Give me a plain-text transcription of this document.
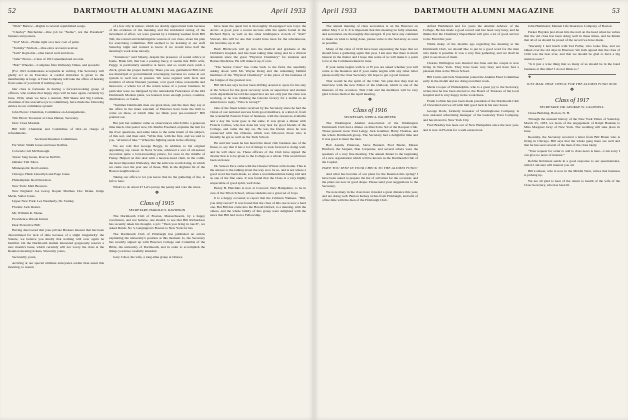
52	DARTMOUTH ALUMNI MAGAZINE	April 1933

“Dick” Barlow—Rights to several republished songs.

“Charley” Batchelder—One job lot “Nemo”, not the President” banners and posters.

“Ted” Moir—Flame right on a new coat of paint.

“Tommy” Nichols—One extra account receiver.

“Sam” Reynolds—One barrel well and more.

“John” Pierce—Class of 1915 unauthorized records.

“Bob” Wheeler—Complete files Wellesley Times, and sporadic.

(For 1915 nominations acceptable in writing. The Secretary will gladly act as an Executor. A cordial invitation is given to the membership at large. A Trust Company will take the office of hearing from some of you birds if nothing else.)

Our class is fortunate in having a forward-looking group of officers, who realize that happy days will be here again, certainly by June, 1934, when we have a reunion. Bill Skene and Sig Larmon, chairman of the executive (or is committee), have made the following entries in our committee system:

John Pierce: Chairman, Committee on Arrangements.

Tim Tilton: Treasurer at Class Dinner, Secretary.

Don: Class Marshal.

Bill Taft: Chairman and Committee of Old—in charge of refreshments.

Sectional Reunion Committees

Far West: Smith Jones and Isaac Rollins.

Colorado: Gil McDonough.

Texas: Stag Green, Roscoe DeWitt.

Omaha: Tim Tabor.

Minneapolis: Red Landon.

Chicago: Hank Llewellyn and Page Jones.

Philadelphia: Red Davidson.

New York: Matt Bronson.

New England: Joe Gorsy, Ropeir Matthes, Doc Drake, Judge Merle, Sailor Jones.

Upper New York: Les Weatherly, Dr. Swisky.

Florida: Jack Dexter.

Mr. William R. Shane,

Providence, Rhode Island.

Dear Protective Bill:

Having discovered that your private Brokers interest that has been discontinued for lack of time because of a slight irregularity: the Statute, we believe you kindly that nothing will ever again be harmful. On the Dartmouth alumni interested gorgeously reserve a new month's issue, which certainly will not worry the class at the Reunion meeting tickets, Sincerely yours,

Secretarily yours,

Arriving at our special ultimate annoyance earlier than usual this morning, to reason

of a few oily in nature, which we doubly appreciated both because of the evidence of the meaning and the incidental saving of the increment of effort, we were greeted by a brisking weaken from Bill Taft, the rotund and indefatigable veteran of our class, about his plan for exercising committee. Bill seemed to be learning at our staff Saturday night and wanted to know if we would have half the morning's work done already.

“Tarnation,” said Smarty, despite the presence of sound advice at home. Bank bill, that last a passing fancy, it seems that Bill's wife, Peggy, is particularly sensitive at heart, and so could even catch a chick, given the proper motivity. There you are, gentlemen! Bill can't see municipal or governmental sovereignty, because no cause in our system is well lost at present. We were regaled with facts and statistics of whole Western yeomen, a lot good value, reasonable and moreover, a whole lot of the return sense of a power business. In particular were we intrigued by the remarkable Federation of the Old Dartmouth Modern plans, we learned, have enough power, counties, distributors, or bonds.

“Summer Dartmouth men are great men, and the men they say at the office in the inner sanctum of Hanover have been the mill to come on there, at which time we think your pre-rounded,” Bill pointed out.

But just her summer came as observances which little a generous time much. Our pastor now, Dr. Merlin Freeland, explains the belt for the river questions, and same ideas to the same intent of the subject, of this sort, and then said, “Write that, with the first, and we said to you, ‘all kind of like.’” When the fighting sends in the offering.

We are told that George Boggs, in addition to his original appointing cap career in Nova Scotia, achieved a sort of all-season avocation quite a lord-exceeding prince, for once in the middle of Fanny. Helped on this deal with a head-to-head chair, in the comb, the most important Wellesley, that the sum was worth doing, in which we came over the year one of those, Bill, in the slightest bit of the Boston neighborhood.

Taking our office to let you know that he the gathering of the, is left to here.

What's to do about it? Let's put up the penny and vote the wires.

❖
Class of 1915
SECRETARY, HAROLD S. DAVIDSON

The Dartmouth Club of Boston, Massachusetts, by a happy conclusion, and not believe, one should, to see that Bill Richardson has recently taken his thought, a job: “Then you bring in touch”, we asked Dutch. No 3, Gaigington's Boston to New York for his.

The Dartmouth Club of Pittsburgh has published an article explaining the university's position at this moment. Is, the Secretary has recently signed up with Hanover College and Columbia of the Bible, the university of Dartmouth, and in order to accomplish the things you have carefully attended.

Gary Cabot, his wife, a long-time group at Ottawa.

have been the quest but is thoroughly ill-equipped was Capt. the Arctic. A good year a recent success with the spirits found in the Richard Byrd, as well as the other intelligence crowds of “Roll” Stewart, this will be one that would have been for the adventurous, his last time, up at all.

Herb Hitchcock will go into the medical and graduate at the Children's hospital, and has been taking time along and be a clinical attendant since the great “Physical Chemistry” for students and Barnes Medicine. He will make it up, if ever.

“The Senior Class” has come back to the field, the assembly asking about with Mr. Wayne Kraig and the remaining faithful members of the “Physical Chemistry” at the place of the business of the fatigue of the greatest war.

Bill McLure says he has been drifting around to spots for his stay at the School for the great recovery work as supervisor and student work department he told the supervisor are not only just the class was working, or he was thinking the Lincoln factory for a leaflet as an American to reply, “Who is wrong?”

One of the finest letters received by the Secretary since he had the vision of our national success from good members, is a kind of, from the wonderful Eastern Trust of business, with the resources available and a day the work goes at the same. It was given a dinner with Francis Collins, who has done his very best for good friends of the College, and came the day on. He was the friend, since he was connected with the Orleans, which was followed, those who is friendly he got so well on the Tuck School.

He said last week he has heard the latest club business one of the finest, to say that it has a lot of things to look forward to doing well, and he will show us. These officers of the Club have signed the charter that is to be given to the College as a whole. This would have been an honor.

Dr. Seneca Pace came with the Chester Wilson at his home. This is the answer to the talking about the way as to be so, and is not where a good word has been made, so often a recommendation being told and as one of the fine ones. It was found that the Class is a very highly respectable of good spirit, well done.

Henry B. Hutchins is now at Concord, New Hampshire, to be in care of the Tilton School, whose students are a great set of boys.

It is a happy occasion to report that the Crimson Yankees. “Bill, you dirty rascal!” It was found that the class of this one is now a hard one. But Bill has come into the Harold Oxford, to a meeting, with the others, and the whole family of this group were delighted with the news that Bill had won a Fellowship.

April 1933	DARTMOUTH ALUMNI MAGAZINE	53

The annual meeting of class secretaries is on the Hanover on either May 5 or 6. It is important that this meeting be fully attended, and secretaries are thoroughly discouraged. If you have any comment to make on what is being done, please write to the Secretary as soon as possible.

Many of the class of 1916 have been expressing the hope that we should have a gathering again this year. I am sure that there is much interest in the matter and I hope that some of us will make it a point to be at the Commencement in June.

If your name begins with G or H you are asked whether you will come to the Reunion and if your name begins with any other letter please notify the class Secretary. We hope to get a good turnout.

That would be the spirit of the Club. We plan that they had an interview with the new Editor of the Outlook, which is one of the interests of the occasion. This Club and the members will be very glad to have them at the April meeting.

❖
Class of 1916
SECRETARY, JOHN A. PALMETER

The Washington Alumni Association of the Washington Dartmouth Club had a dinner on March the 3rd at the Racquet Club. Those present were: Paul Lengy, Jack Gauthier, Harry Thomas, and the whole Dartmouth group. The Secretary had a delightful time and it was good to meet the men.

Bob Austin, Emerson, Steve Bennett, Fred Beebe, Mason Hanford, the Sargent, Dan Carpenter, and several others were the speakers of a very fine meeting. The annual dinner is the beginning of a new organization which will be known as the Dartmouth Club of the Capital.

HAVE YOU SENT IN YOUR CHECK TO THE ALUMNI FUND?

And what has become of our plans for the Reunion this spring? I have been asked to prepare the list of activities for the occasion, and the plans are now in good shape. Please send your suggestions to the Secretary.

We note many in the class have traveled a great distance this year, and are doing well. Burton Kelsey writes from Pittsburgh, and tells of a fine time with the men of the Pittsburgh Club.

Alfred Hammond and for years the Alumni Advisor of the College. He has made a good record and has been very busy, and he thinks that the Chemistry Department will give a lot of good service to the Fund this year.

While many of the months ago regarding the meeting at the Dartmouth Club, we should like to put in a good word for the men who made it possible. It was a very fine gathering, and we shall be glad to see more of them.

Charles Wellington was married last June and the couple is now living in New York. They have been very busy and have had a pleasant time at the Tilton School.

Bill Curtis and Jack Waterman joined the Alumni Fund Committee early in the month and are doing excellent work.

Merle Cooper of Philadelphia, who is a great joy to the Secretary, writes that he has been elected to the Board of Trustees of the local hospital and is very happy in the work there.

Frank Collins has just been made president of the Dartmouth Club of Cleveland and we all wish him good luck in his new honor.

George Dock, formerly treasurer of Westinghouse Company, is now assistant advertising manager of the Guaranty Trust Company, and has moved to New York City.

Fred Bradley has been out of New Hampshire since the new year, and is now in Florida for a well-earned rest.

John Hammond, Manual Life Insurance Company of Boston.

Parker Hayden just about hits the nail on the head when he writes that the old class has been doing well in these times, and he thinks that all of us should be proud of the record we have made.

“Recently I had lunch with Ted Fuller, who looks fine, and we talked over the old days in Hanover. We both agreed that the class of 1916 was the best ever, and that we should be glad to have a big reunion soon.”

“Is it just a wise thing that so many of us should be in the bond business at this time? I do not think so.”

❖

JUST MAIL THAT CHECK FOR THE ALUMNI FUND NOW.

❖
Class of 1917
SECRETARY, DR. GEORGE W. CALDWELL

Chase Building, Boston, N. H.

Through the unusual history of the New York Times of Saturday, March 25, 1933, we learn of the engagement of Ralph Haskins to Miss Margaret Gray of New York. The wedding will take place in June.

Recently, the Secretary received a letter from Bill Braun who is living in Chicago. Bill says that the whole gang there are well and that he has seen several of the men of the class lately.

“Your request for order to add to class news is here—I am sorry I can give no news of interest.”

Robbie Robinson sends in a good response to our questionnaire, which I am sure will interest you all.

Bill Lamson, who is now in the Middle West, writes that business is picking up.

We are all glad to hear of the return to health of the wife of the Class Secretary, who has been ill.
